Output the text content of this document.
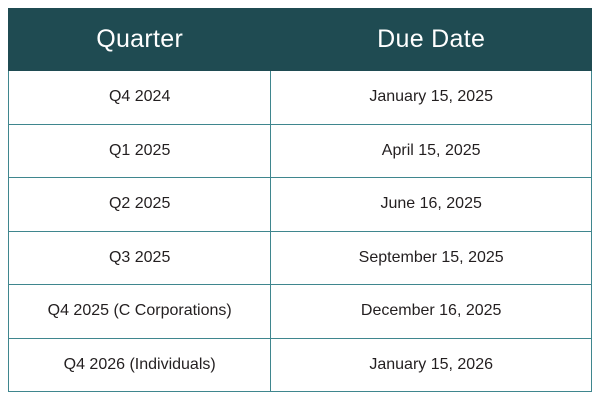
Quarter	Due Date
Q4 2024	January 15, 2025
Q1 2025	April 15, 2025
Q2 2025	June 16, 2025
Q3 2025	September 15, 2025
Q4 2025 (C Corporations)	December 16, 2025
Q4 2026 (Individuals)	January 15, 2026
